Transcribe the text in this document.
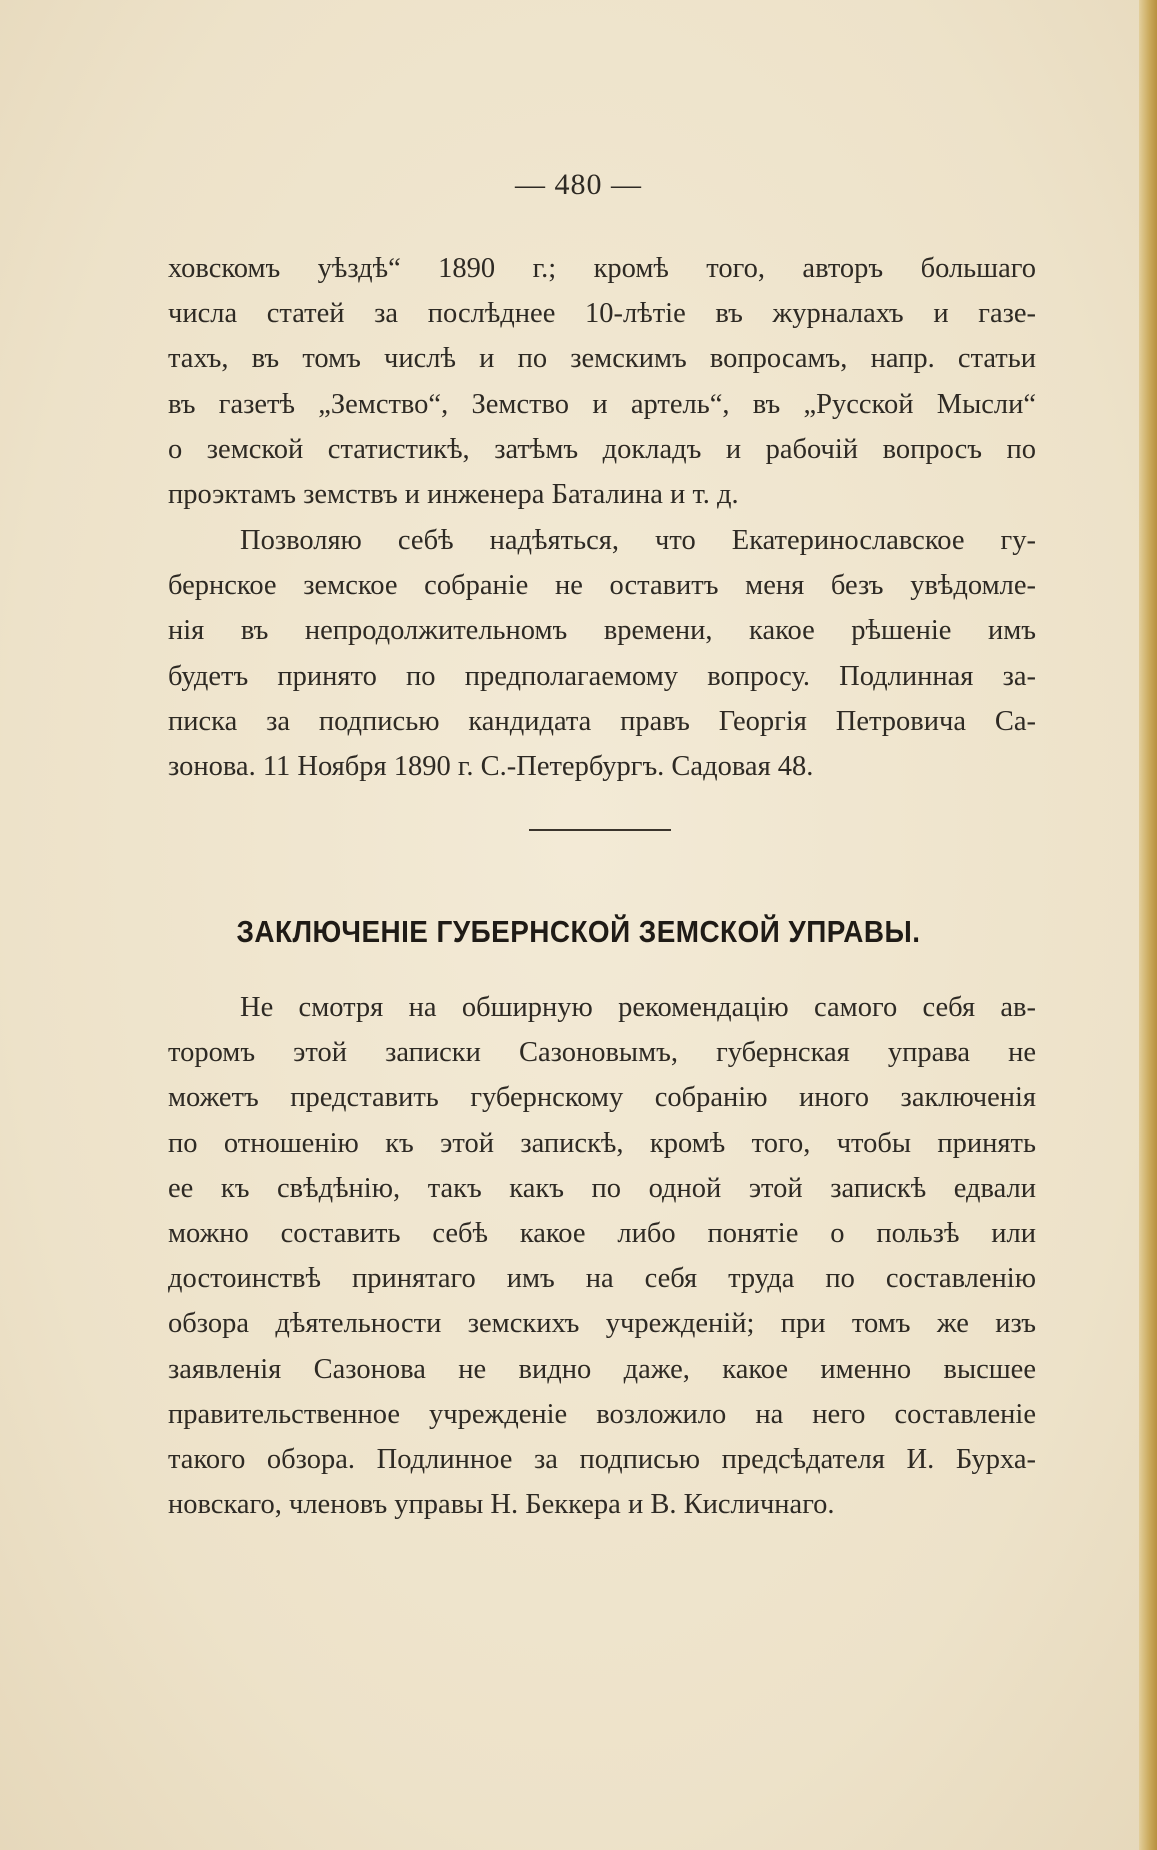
— 480 —
ховскомъ уѣздѣ“ 1890 г.; кромѣ того, авторъ большаго
числа статей за послѣднее 10-лѣтіе въ журналахъ и газе-
тахъ, въ томъ числѣ и по земскимъ вопросамъ, напр. статьи
въ газетѣ „Земство“, Земство и артель“, въ „Русской Мысли“
о земской статистикѣ, затѣмъ докладъ и рабочій вопросъ по
проэктамъ земствъ и инженера Баталина и т. д.
Позволяю себѣ надѣяться, что Екатеринославское гу-
бернское земское собраніе не оставитъ меня безъ увѣдомле-
нія въ непродолжительномъ времени, какое рѣшеніе имъ
будетъ принято по предполагаемому вопросу. Подлинная за-
писка за подписью кандидата правъ Георгія Петровича Са-
зонова. 11 Ноября 1890 г. С.-Петербургъ. Садовая 48.
ЗАКЛЮЧЕНІЕ ГУБЕРНСКОЙ ЗЕМСКОЙ УПРАВЫ.
Не смотря на обширную рекомендацію самого себя ав-
торомъ этой записки Сазоновымъ, губернская управа не
можетъ представить губернскому собранію иного заключенія
по отношенію къ этой запискѣ, кромѣ того, чтобы принять
ее къ свѣдѣнію, такъ какъ по одной этой запискѣ едвали
можно составить себѣ какое либо понятіе о пользѣ или
достоинствѣ принятаго имъ на себя труда по составленію
обзора дѣятельности земскихъ учрежденій; при томъ же изъ
заявленія Сазонова не видно даже, какое именно высшее
правительственное учрежденіе возложило на него составленіе
такого обзора. Подлинное за подписью предсѣдателя И. Бурха-
новскаго, членовъ управы Н. Беккера и В. Кисличнаго.
